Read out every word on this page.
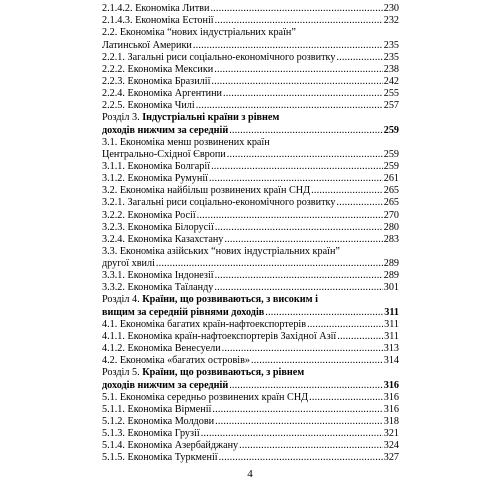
2.1.4.2. Економіка Литви .....	230
2.1.4.3. Економіка Естонії .....	232
2.2. Економіка “нових індустріальних країн”
Латинської Америки .....	235
2.2.1. Загальні риси соціально-економічного розвитку .....	235
2.2.2. Економіка Мексики .....	238
2.2.3. Економіка Бразилії .....	242
2.2.4. Економіка Аргентини .....	255
2.2.5. Економіка Чилі .....	257
Розділ 3. Індустріальні країни з рівнем
доходів нижчим за середній .....	259
3.1. Економіка менш розвинених країн
Центрально-Східної Європи .....	259
3.1.1. Економіка Болгарії .....	259
3.1.2. Економіка Румунії .....	261
3.2. Економіка найбільш розвинених країн СНД .....	265
3.2.1. Загальні риси соціально-економічного розвитку .....	265
3.2.2. Економіка Росії .....	270
3.2.3. Економіка Білорусії .....	280
3.2.4. Економіка Казахстану .....	283
3.3. Економіка азійських “нових індустріальних країн”
другої хвилі .....	289
3.3.1. Економіка Індонезії .....	289
3.3.2. Економіка Таїланду .....	301
Розділ 4. Країни, що розвиваються, з високим і
вищим за середній рівнями доходів .....	311
4.1. Економіка багатих країн-нафтоекспортерів .....	311
4.1.1. Економіка країн-нафтоекспортерів Західної Азії .....	311
4.1.2. Економіка Венесуели .....	313
4.2. Економіка «багатих островів» .....	314
Розділ 5. Країни, що розвиваються, з рівнем
доходів нижчим за середній .....	316
5.1. Економіка середньо розвинених країн СНД .....	316
5.1.1. Економіка Вірменії .....	316
5.1.2. Економіка Молдови .....	318
5.1.3. Економіка Грузії .....	321
5.1.4. Економіка Азербайджану .....	324
5.1.5. Економіка Туркменії .....	327
4
